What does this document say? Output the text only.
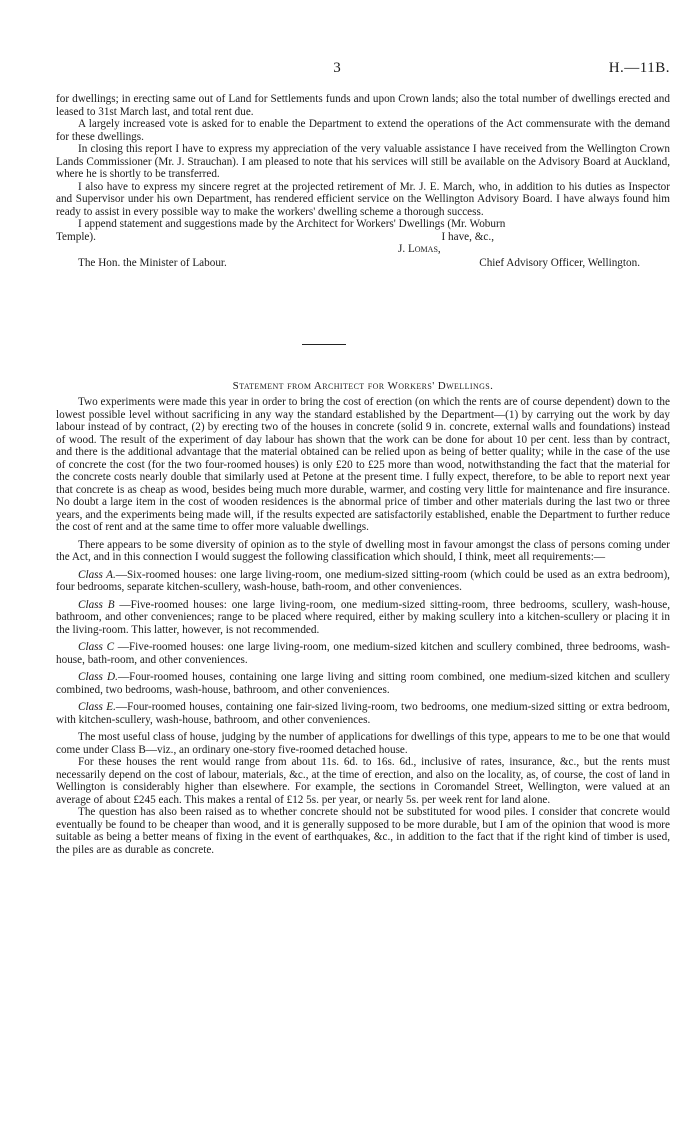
3	H.—11B.

for dwellings; in erecting same out of Land for Settlements funds and upon Crown lands; also the total number of dwellings erected and leased to 31st March last, and total rent due.

A largely increased vote is asked for to enable the Department to extend the operations of the Act commensurate with the demand for these dwellings.

In closing this report I have to express my appreciation of the very valuable assistance I have received from the Wellington Crown Lands Commissioner (Mr. J. Strauchan). I am pleased to note that his services will still be available on the Advisory Board at Auckland, where he is shortly to be transferred.

I also have to express my sincere regret at the projected retirement of Mr. J. E. March, who, in addition to his duties as Inspector and Supervisor under his own Department, has rendered efficient service on the Wellington Advisory Board. I have always found him ready to assist in every possible way to make the workers' dwelling scheme a thorough success.

I append statement and suggestions made by the Architect for Workers' Dwellings (Mr. Woburn

Temple).	I have, &c.,
J. Lomas,
The Hon. the Minister of Labour.	Chief Advisory Officer, Wellington.
Statement from Architect for Workers' Dwellings.

Two experiments were made this year in order to bring the cost of erection (on which the rents are of course dependent) down to the lowest possible level without sacrificing in any way the standard established by the Department—(1) by carrying out the work by day labour instead of by contract, (2) by erecting two of the houses in concrete (solid 9 in. concrete, external walls and foundations) instead of wood. The result of the experiment of day labour has shown that the work can be done for about 10 per cent. less than by contract, and there is the additional advantage that the material obtained can be relied upon as being of better quality; while in the case of the use of concrete the cost (for the two four-roomed houses) is only £20 to £25 more than wood, notwithstanding the fact that the material for the concrete costs nearly double that similarly used at Petone at the present time. I fully expect, therefore, to be able to report next year that concrete is as cheap as wood, besides being much more durable, warmer, and costing very little for maintenance and fire insurance. No doubt a large item in the cost of wooden residences is the abnormal price of timber and other materials during the last two or three years, and the experiments being made will, if the results expected are satisfactorily established, enable the Department to further reduce the cost of rent and at the same time to offer more valuable dwellings.

There appears to be some diversity of opinion as to the style of dwelling most in favour amongst the class of persons coming under the Act, and in this connection I would suggest the following classification which should, I think, meet all requirements:—

Class A.—Six-roomed houses: one large living-room, one medium-sized sitting-room (which could be used as an extra bedroom), four bedrooms, separate kitchen-scullery, wash-house, bath-room, and other conveniences.

Class B —Five-roomed houses: one large living-room, one medium-sized sitting-room, three bedrooms, scullery, wash-house, bathroom, and other conveniences; range to be placed where required, either by making scullery into a kitchen-scullery or placing it in the living-room. This latter, however, is not recommended.

Class C —Five-roomed houses: one large living-room, one medium-sized kitchen and scullery combined, three bedrooms, wash-house, bath-room, and other conveniences.

Class D.—Four-roomed houses, containing one large living and sitting room combined, one medium-sized kitchen and scullery combined, two bedrooms, wash-house, bathroom, and other conveniences.

Class E.—Four-roomed houses, containing one fair-sized living-room, two bedrooms, one medium-sized sitting or extra bedroom, with kitchen-scullery, wash-house, bathroom, and other conveniences.

The most useful class of house, judging by the number of applications for dwellings of this type, appears to me to be one that would come under Class B—viz., an ordinary one-story five-roomed detached house.

For these houses the rent would range from about 11s. 6d. to 16s. 6d., inclusive of rates, insurance, &c., but the rents must necessarily depend on the cost of labour, materials, &c., at the time of erection, and also on the locality, as, of course, the cost of land in Wellington is considerably higher than elsewhere. For example, the sections in Coromandel Street, Wellington, were valued at an average of about £245 each. This makes a rental of £12 5s. per year, or nearly 5s. per week rent for land alone.

The question has also been raised as to whether concrete should not be substituted for wood piles. I consider that concrete would eventually be found to be cheaper than wood, and it is generally supposed to be more durable, but I am of the opinion that wood is more suitable as being a better means of fixing in the event of earthquakes, &c., in addition to the fact that if the right kind of timber is used, the piles are as durable as concrete.
